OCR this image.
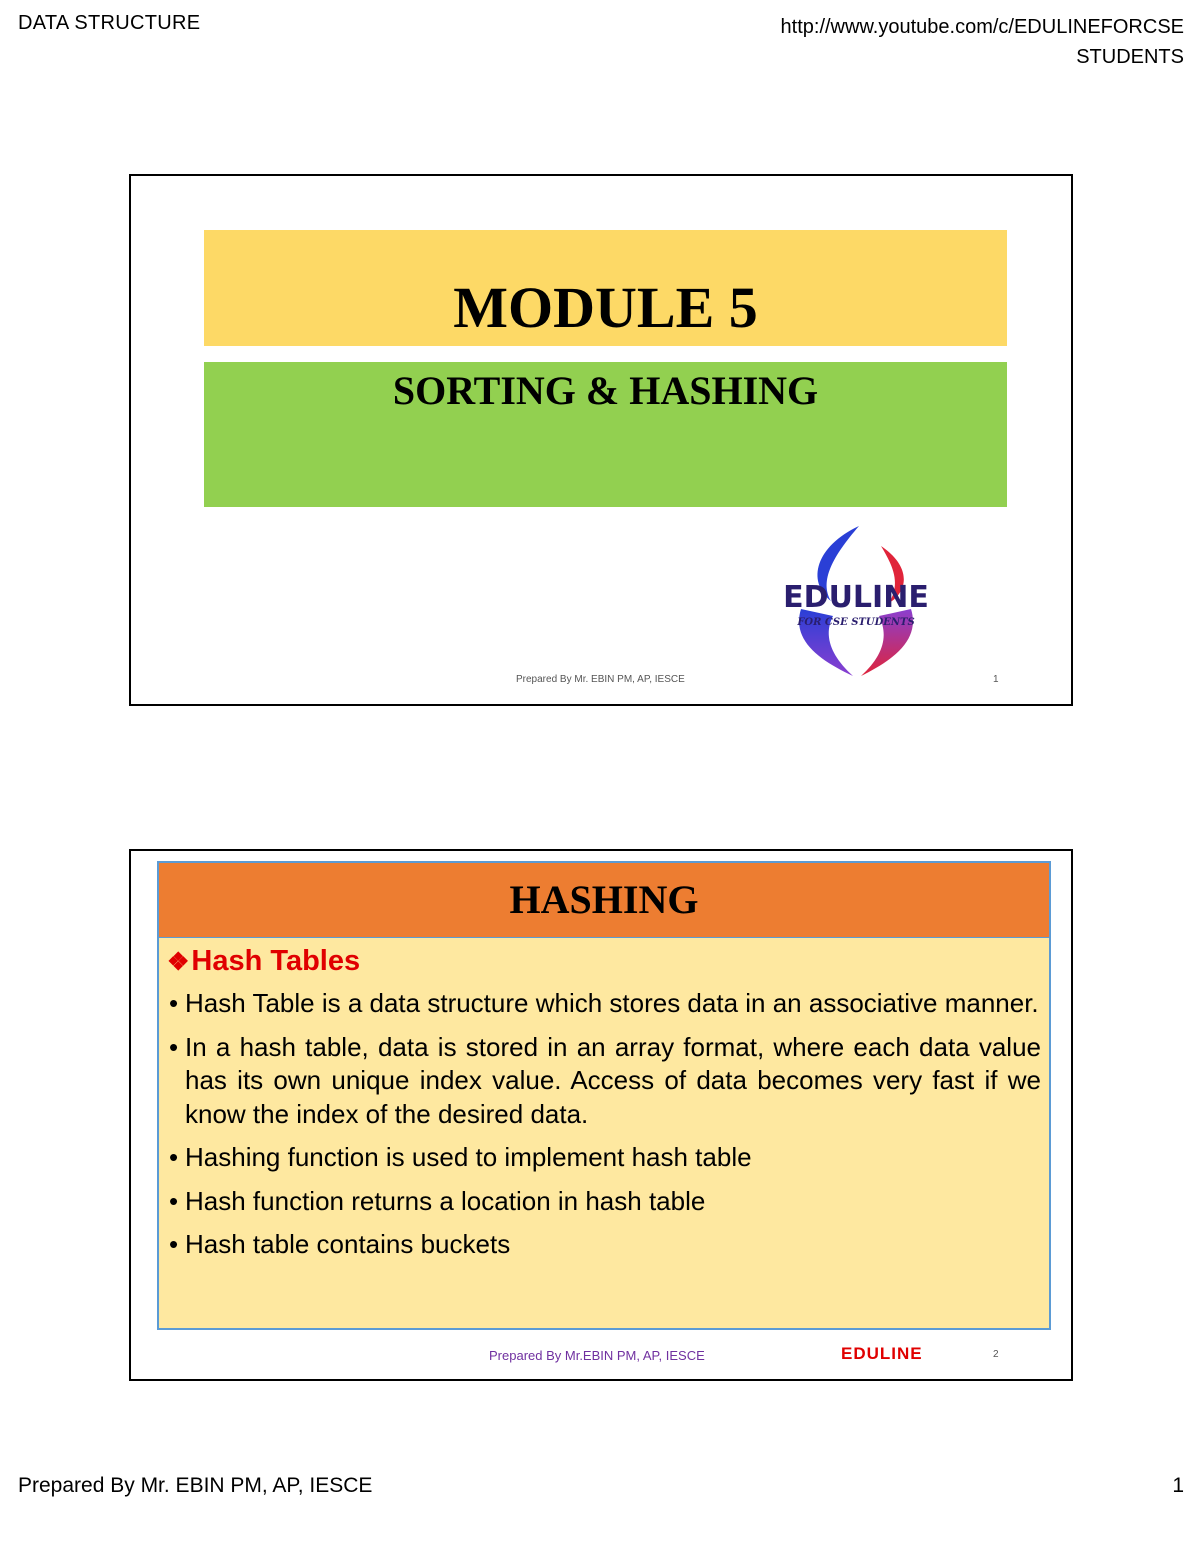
DATA STRUCTURE	http://www.youtube.com/c/EDULINEFORCSE
STUDENTS
MODULE 5
SORTING & HASHING
EDULINE
FOR CSE STUDENTS
Prepared By Mr. EBIN PM, AP, IESCE	1
HASHING
❖Hash Tables
• Hash Table is a data structure which stores data in an associative manner.
• In a hash table, data is stored in an array format, where each data value has its own unique index value. Access of data becomes very fast if we know the index of the desired data.
• Hashing function is used to implement hash table
• Hash function returns a location in hash table
• Hash table contains buckets
Prepared By Mr.EBIN PM, AP, IESCE	EDULINE	2
Prepared By Mr. EBIN PM, AP, IESCE	1
